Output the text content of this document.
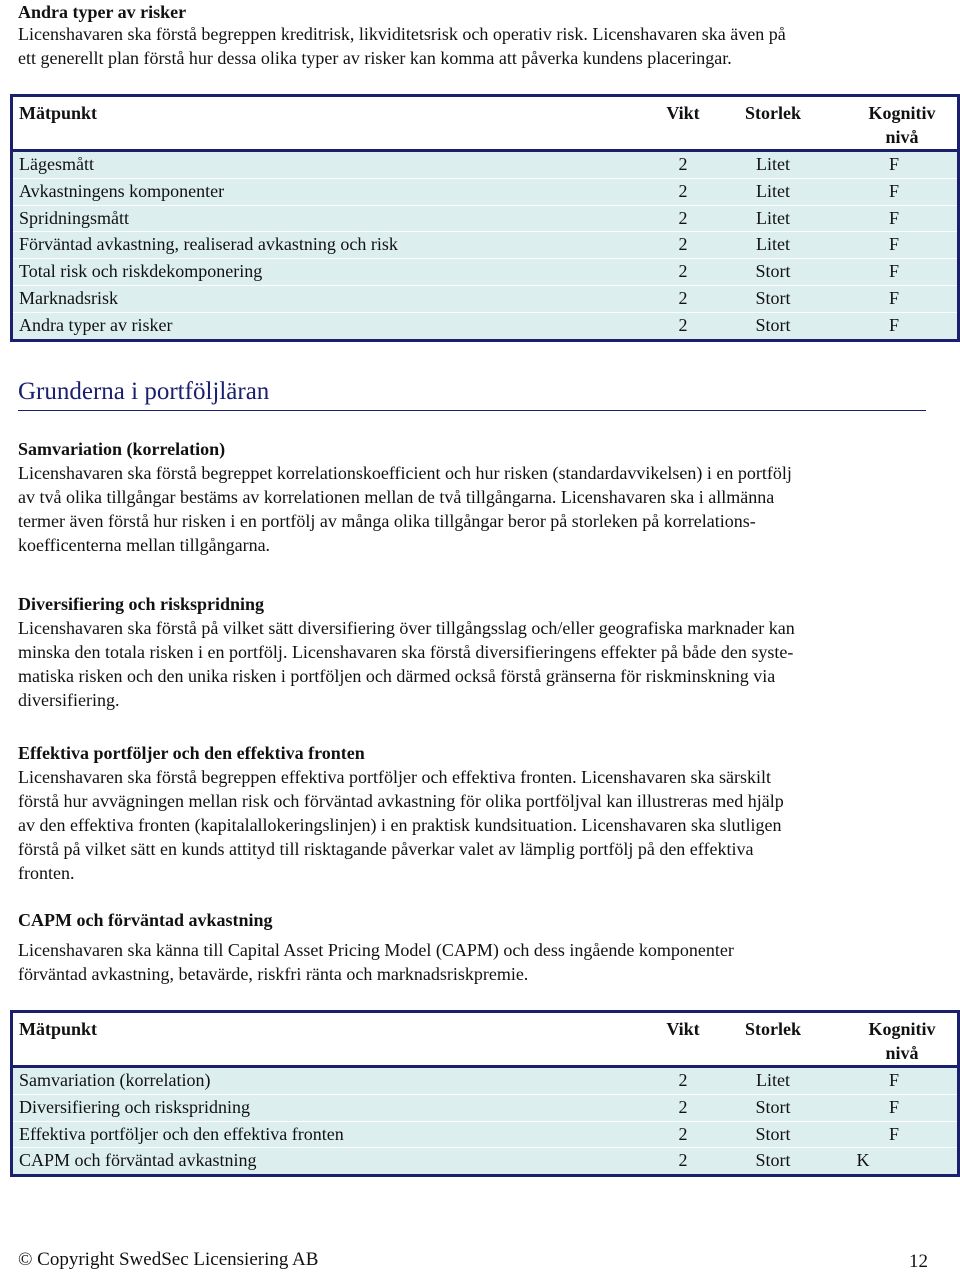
Andra typer av risker

Licenshavaren ska förstå begreppen kreditrisk, likviditetsrisk och operativ risk. Licenshavaren ska även på

ett generellt plan förstå hur dessa olika typer av risker kan komma att påverka kundens placeringar.

Mätpunkt	Vikt	Storlek	Kognitiv
nivå
Lägesmått	2	Litet	F
Avkastningens komponenter	2	Litet	F
Spridningsmått	2	Litet	F
Förväntad avkastning, realiserad avkastning och risk	2	Litet	F
Total risk och riskdekomponering	2	Stort	F
Marknadsrisk	2	Stort	F
Andra typer av risker	2	Stort	F
Grunderna i portföljläran
Samvariation (korrelation)

Licenshavaren ska förstå begreppet korrelationskoefficient och hur risken (standardavvikelsen) i en portfölj

av två olika tillgångar bestäms av korrelationen mellan de två tillgångarna. Licenshavaren ska i allmänna

termer även förstå hur risken i en portfölj av många olika tillgångar beror på storleken på korrelations-

koefficenterna mellan tillgångarna.

Diversifiering och riskspridning

Licenshavaren ska förstå på vilket sätt diversifiering över tillgångsslag och/eller geografiska marknader kan

minska den totala risken i en portfölj. Licenshavaren ska förstå diversifieringens effekter på både den syste-

matiska risken och den unika risken i portföljen och därmed också förstå gränserna för riskminskning via

diversifiering.

Effektiva portföljer och den effektiva fronten

Licenshavaren ska förstå begreppen effektiva portföljer och effektiva fronten. Licenshavaren ska särskilt

förstå hur avvägningen mellan risk och förväntad avkastning för olika portföljval kan illustreras med hjälp

av den effektiva fronten (kapitalallokeringslinjen) i en praktisk kundsituation. Licenshavaren ska slutligen

förstå på vilket sätt en kunds attityd till risktagande påverkar valet av lämplig portfölj på den effektiva

fronten.

CAPM och förväntad avkastning

Licenshavaren ska känna till Capital Asset Pricing Model (CAPM) och dess ingående komponenter

förväntad avkastning, betavärde, riskfri ränta och marknadsriskpremie.

Mätpunkt	Vikt	Storlek	Kognitiv
nivå
Samvariation (korrelation)	2	Litet	F
Diversifiering och riskspridning	2	Stort	F
Effektiva portföljer och den effektiva fronten	2	Stort	F
CAPM och förväntad avkastning	2	Stort	K
© Copyright SwedSec Licensiering AB	12
